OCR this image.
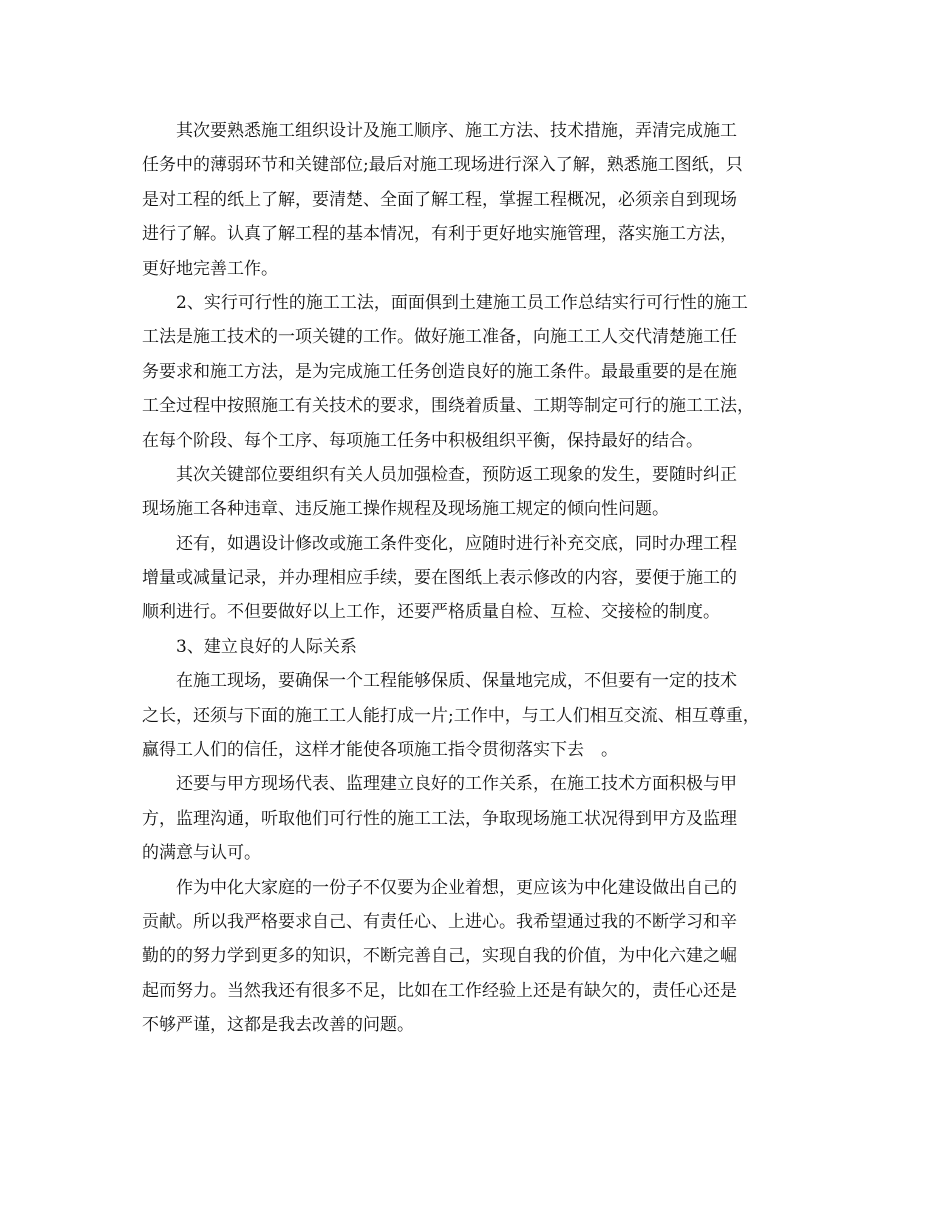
　　其次要熟悉施工组织设计及施工顺序、施工方法、技术措施，弄清完成施工
任务中的薄弱环节和关键部位;最后对施工现场进行深入了解，熟悉施工图纸，只
是对工程的纸上了解，要清楚、全面了解工程，掌握工程概况，必须亲自到现场
进行了解。认真了解工程的基本情况，有利于更好地实施管理，落实施工方法，
更好地完善工作。
　　2、实行可行性的施工工法，面面俱到土建施工员工作总结实行可行性的施工
工法是施工技术的一项关键的工作。做好施工准备，向施工工人交代清楚施工任
务要求和施工方法，是为完成施工任务创造良好的施工条件。最最重要的是在施
工全过程中按照施工有关技术的要求，围绕着质量、工期等制定可行的施工工法，
在每个阶段、每个工序、每项施工任务中积极组织平衡，保持最好的结合。
　　其次关键部位要组织有关人员加强检查，预防返工现象的发生，要随时纠正
现场施工各种违章、违反施工操作规程及现场施工规定的倾向性问题。
　　还有，如遇设计修改或施工条件变化，应随时进行补充交底，同时办理工程
增量或减量记录，并办理相应手续，要在图纸上表示修改的内容，要便于施工的
顺利进行。不但要做好以上工作，还要严格质量自检、互检、交接检的制度。
　　3、建立良好的人际关系
　　在施工现场，要确保一个工程能够保质、保量地完成，不但要有一定的技术
之长，还须与下面的施工工人能打成一片;工作中，与工人们相互交流、相互尊重，
赢得工人们的信任，这样才能使各项施工指令贯彻落实下去　。
　　还要与甲方现场代表、监理建立良好的工作关系，在施工技术方面积极与甲
方，监理沟通，听取他们可行性的施工工法，争取现场施工状况得到甲方及监理
的满意与认可。
　　作为中化大家庭的一份子不仅要为企业着想，更应该为中化建设做出自己的
贡献。所以我严格要求自己、有责任心、上进心。我希望通过我的不断学习和辛
勤的的努力学到更多的知识，不断完善自己，实现自我的价值，为中化六建之崛
起而努力。当然我还有很多不足，比如在工作经验上还是有缺欠的，责任心还是
不够严谨，这都是我去改善的问题。
